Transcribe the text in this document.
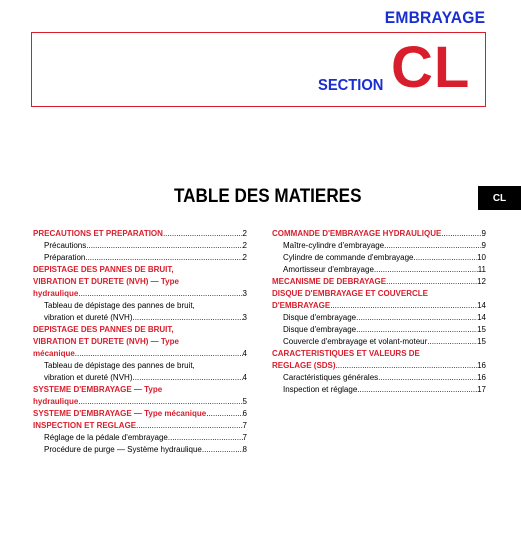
EMBRAYAGE
SECTION CL
TABLE DES MATIERES	CL
PRECAUTIONS ET PREPARATION .....	2
Précautions .....	2
Préparation .....	2
DEPISTAGE DES PANNES DE BRUIT,
VIBRATION ET DURETE (NVH) — Type
hydraulique .....	3
Tableau de dépistage des pannes de bruit,
vibration et dureté (NVH) .....	3
DEPISTAGE DES PANNES DE BRUIT,
VIBRATION ET DURETE (NVH) — Type
mécanique .....	4
Tableau de dépistage des pannes de bruit,
vibration et dureté (NVH) .....	4
SYSTEME D'EMBRAYAGE — Type
hydraulique .....	5
SYSTEME D'EMBRAYAGE — Type mécanique .....	6
INSPECTION ET REGLAGE .....	7
Réglage de la pédale d'embrayage .....	7
Procédure de purge — Système hydraulique .....	8
COMMANDE D'EMBRAYAGE HYDRAULIQUE .....	9
Maître-cylindre d'embrayage .....	9
Cylindre de commande d'embrayage .....	10
Amortisseur d'embrayage .....	11
MECANISME DE DEBRAYAGE .....	12
DISQUE D'EMBRAYAGE ET COUVERCLE
D'EMBRAYAGE .....	14
Disque d'embrayage .....	14
Disque d'embrayage .....	15
Couvercle d'embrayage et volant-moteur .....	15
CARACTERISTIQUES ET VALEURS DE
REGLAGE (SDS) .....	16
Caractéristiques générales .....	16
Inspection et réglage .....	17
